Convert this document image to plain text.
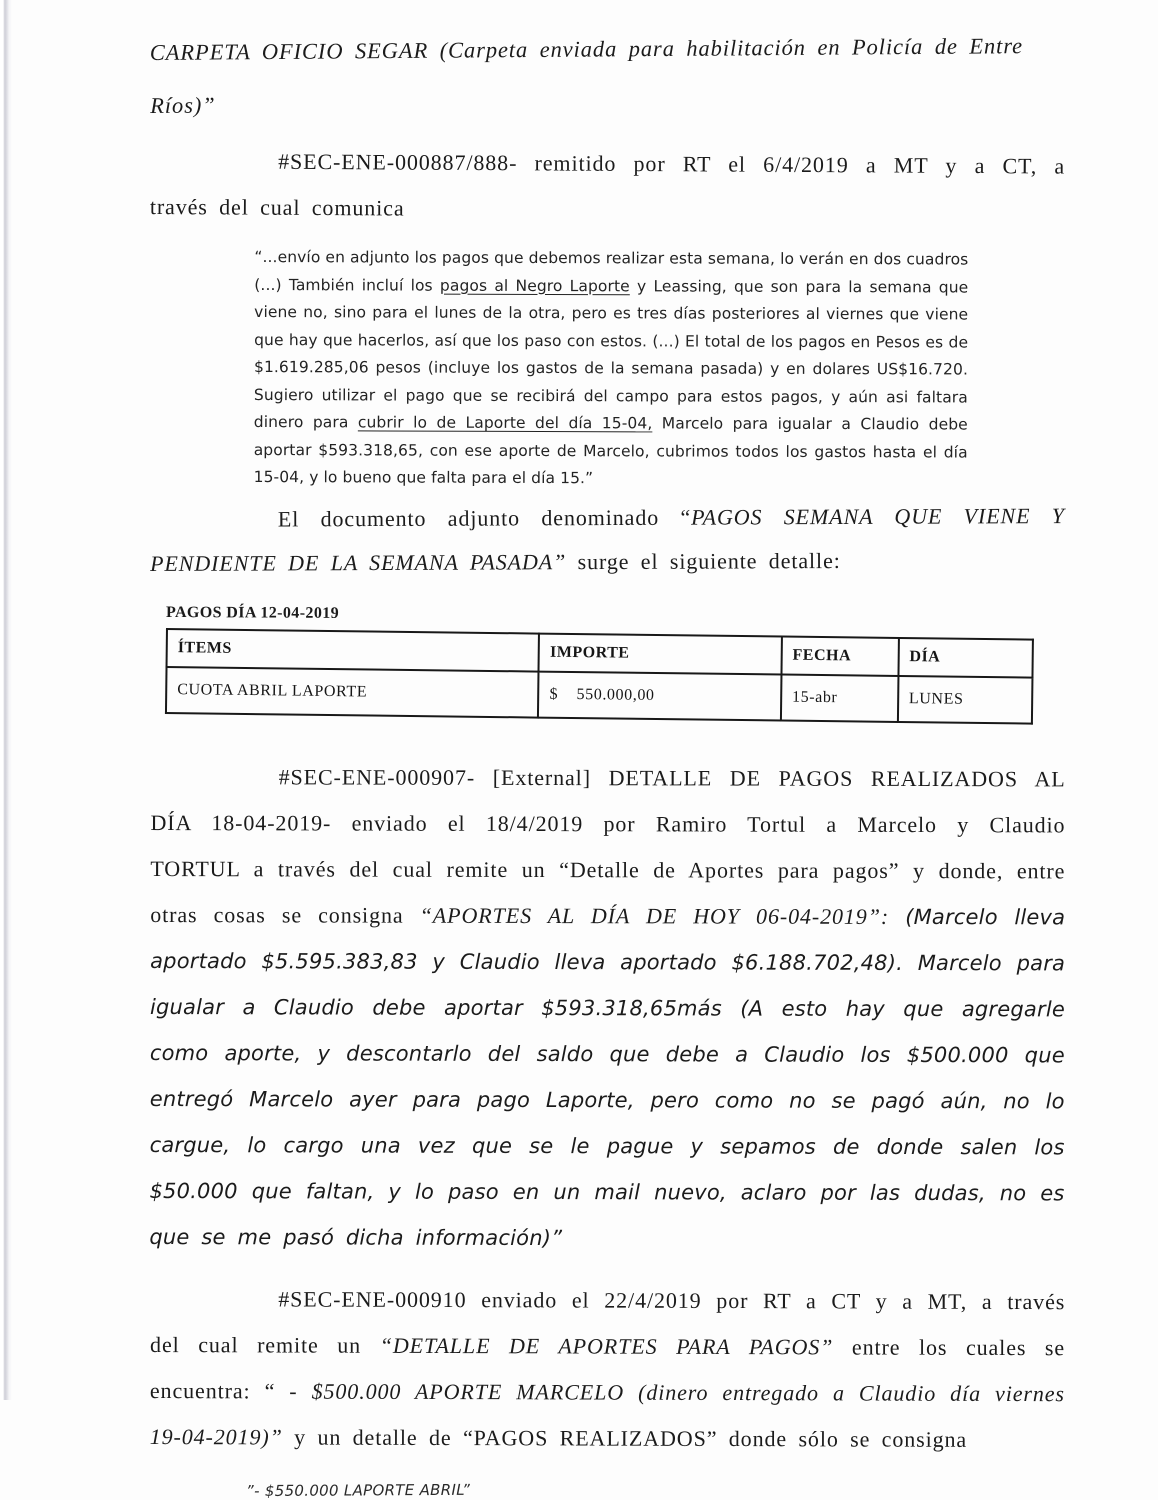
CARPETA OFICIO SEGAR (Carpeta enviada para habilitación en Policía de Entre Ríos)”

#SEC-ENE-000887/888- remitido por RT el 6/4/2019 a MT y a CT, a través del cual comunica

“...envío en adjunto los pagos que debemos realizar esta semana, lo verán en dos cuadros (...) También incluí los pagos al Negro Laporte y Leassing, que son para la semana que viene no, sino para el lunes de la otra, pero es tres días posteriores al viernes que viene que hay que hacerlos, así que los paso con estos. (...) El total de los pagos en Pesos es de $1.619.285,06 pesos (incluye los gastos de la semana pasada) y en dolares US$16.720. Sugiero utilizar el pago que se recibirá del campo para estos pagos, y aún asi faltara dinero para cubrir lo de Laporte del día 15-04, Marcelo para igualar a Claudio debe aportar $593.318,65, con ese aporte de Marcelo, cubrimos todos los gastos hasta el día 15-04, y lo bueno que falta para el día 15.”

El documento adjunto denominado “PAGOS SEMANA QUE VIENE Y PENDIENTE DE LA SEMANA PASADA” surge el siguiente detalle:

PAGOS DÍA 12-04-2019
ÍTEMS	IMPORTE	FECHA	DÍA
CUOTA ABRIL LAPORTE	$    550.000,00	15-abr	LUNES

#SEC-ENE-000907- [External] DETALLE DE PAGOS REALIZADOS AL DÍA 18-04-2019- enviado el 18/4/2019 por Ramiro Tortul a Marcelo y Claudio TORTUL a través del cual remite un “Detalle de Aportes para pagos” y donde, entre otras cosas se consigna “APORTES AL DÍA DE HOY 06-04-2019”: (Marcelo lleva aportado $5.595.383,83 y Claudio lleva aportado $6.188.702,48). Marcelo para igualar a Claudio debe aportar $593.318,65más (A esto hay que agregarle como aporte, y descontarlo del saldo que debe a Claudio los $500.000 que entregó Marcelo ayer para pago Laporte, pero como no se pagó aún, no lo cargue, lo cargo una vez que se le pague y sepamos de donde salen los $50.000 que faltan, y lo paso en un mail nuevo, aclaro por las dudas, no es que se me pasó dicha información)”

#SEC-ENE-000910 enviado el 22/4/2019 por RT a CT y a MT, a través del cual remite un “DETALLE DE APORTES PARA PAGOS” entre los cuales se encuentra: “ - $500.000 APORTE MARCELO (dinero entregado a Claudio día viernes 19-04-2019)” y un detalle de “PAGOS REALIZADOS” donde sólo se consigna

”- $550.000 LAPORTE ABRIL”
